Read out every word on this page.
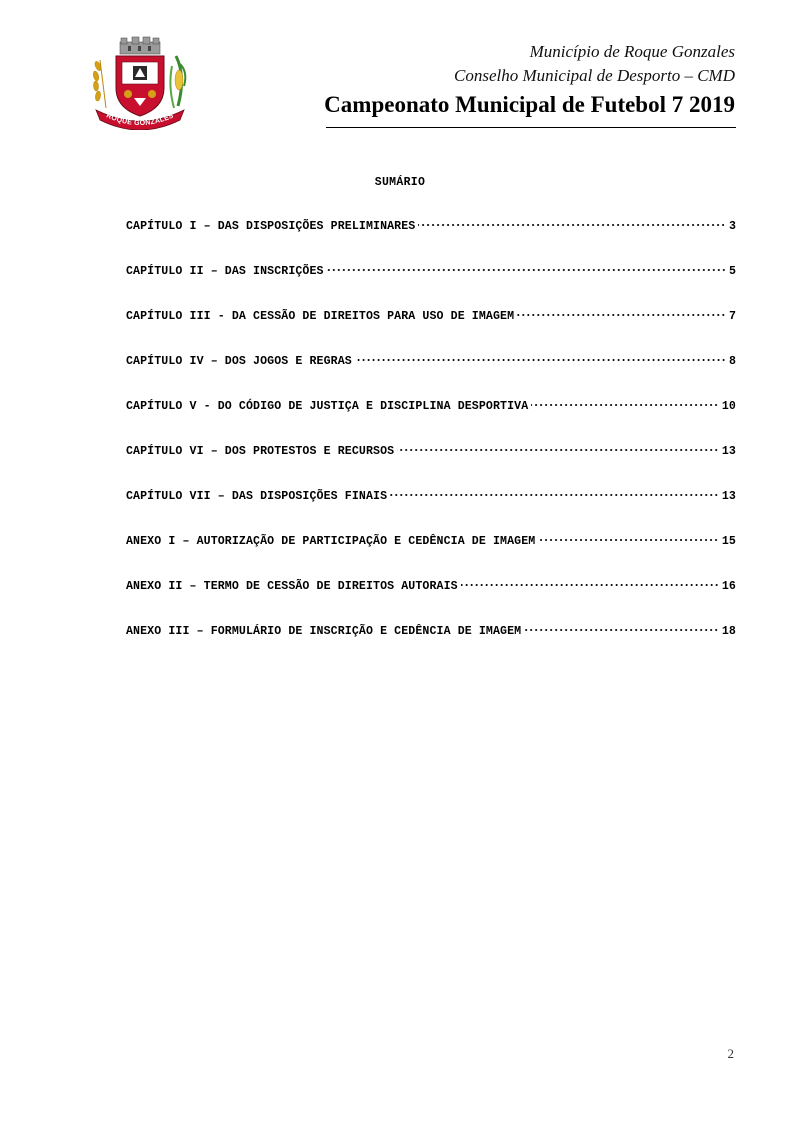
ROQUE GONZALES
Município de Roque Gonzales
Conselho Municipal de Desporto – CMD
Campeonato Municipal de Futebol 7 2019
SUMÁRIO
CAPÍTULO I – DAS DISPOSIÇÕES PRELIMINARES	3
CAPÍTULO II – DAS INSCRIÇÕES	5
CAPÍTULO III - DA CESSÃO DE DIREITOS PARA USO DE IMAGEM	7
CAPÍTULO IV – DOS JOGOS E REGRAS	8
CAPÍTULO V - DO CÓDIGO DE JUSTIÇA E DISCIPLINA DESPORTIVA	10
CAPÍTULO VI – DOS PROTESTOS E RECURSOS	13
CAPÍTULO VII – DAS DISPOSIÇÕES FINAIS	13
ANEXO I – AUTORIZAÇÃO DE PARTICIPAÇÃO E CEDÊNCIA DE IMAGEM	15
ANEXO II – TERMO DE CESSÃO DE DIREITOS AUTORAIS	16
ANEXO III – FORMULÁRIO DE INSCRIÇÃO E CEDÊNCIA DE IMAGEM	18
2
